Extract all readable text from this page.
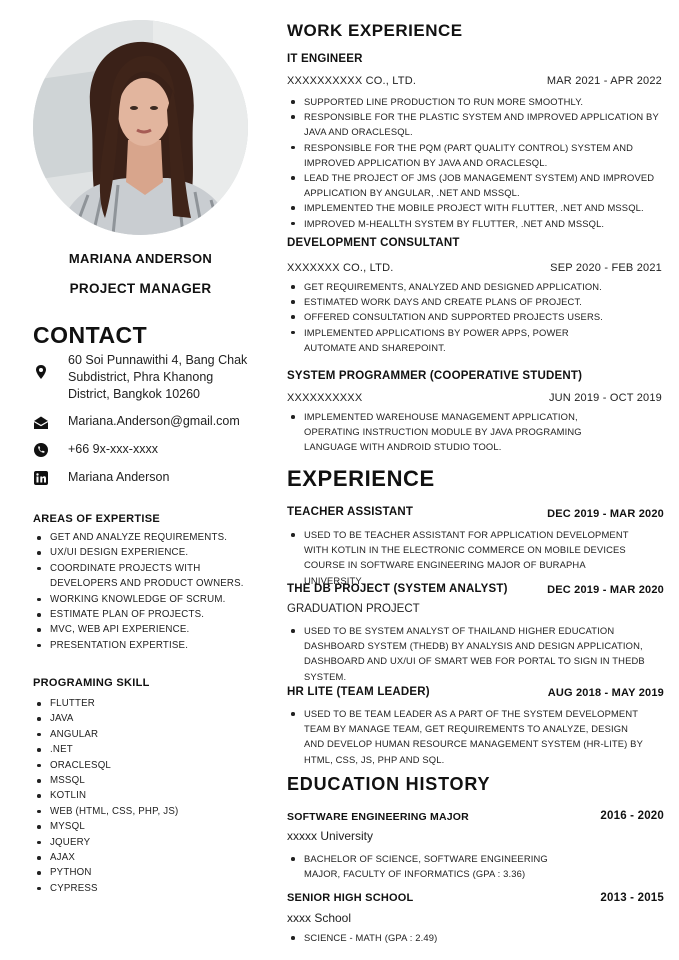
MARIANA ANDERSON
PROJECT MANAGER
CONTACT
60 Soi Punnawithi 4, Bang Chak
Subdistrict, Phra Khanong
District, Bangkok 10260
Mariana.Anderson@gmail.com
+66 9x-xxx-xxxx
Mariana Anderson
AREAS OF EXPERTISE
GET AND ANALYZE REQUIREMENTS.
UX/UI DESIGN EXPERIENCE.
COORDINATE PROJECTS WITH
DEVELOPERS AND PRODUCT OWNERS.
WORKING KNOWLEDGE OF SCRUM.
ESTIMATE PLAN OF PROJECTS.
MVC, WEB API EXPERIENCE.
PRESENTATION EXPERTISE.
PROGRAMING SKILL
FLUTTER
JAVA
ANGULAR
.NET
ORACLESQL
MSSQL
KOTLIN
WEB (HTML, CSS, PHP, JS)
MYSQL
JQUERY
AJAX
PYTHON
CYPRESS
WORK EXPERIENCE
IT ENGINEER
XXXXXXXXXX CO., LTD.	MAR 2021 - APR 2022
SUPPORTED LINE PRODUCTION TO RUN MORE SMOOTHLY.
RESPONSIBLE FOR THE PLASTIC SYSTEM AND IMPROVED APPLICATION BY JAVA AND ORACLESQL.
RESPONSIBLE FOR THE PQM (PART QUALITY CONTROL) SYSTEM AND IMPROVED APPLICATION BY JAVA AND ORACLESQL.
LEAD THE PROJECT OF JMS (JOB MANAGEMENT SYSTEM) AND IMPROVED APPLICATION BY ANGULAR, .NET AND MSSQL.
IMPLEMENTED THE MOBILE PROJECT WITH FLUTTER, .NET AND MSSQL.
IMPROVED M-HEALLTH SYSTEM BY FLUTTER, .NET AND MSSQL.
DEVELOPMENT CONSULTANT
XXXXXXX CO., LTD.	SEP 2020 - FEB 2021
GET REQUIREMENTS, ANALYZED AND DESIGNED APPLICATION.
ESTIMATED WORK DAYS AND CREATE PLANS OF PROJECT.
OFFERED CONSULTATION AND SUPPORTED PROJECTS USERS.
IMPLEMENTED APPLICATIONS BY POWER APPS, POWER AUTOMATE AND SHAREPOINT.
SYSTEM PROGRAMMER (COOPERATIVE STUDENT)
XXXXXXXXXX	JUN 2019 - OCT 2019
IMPLEMENTED WAREHOUSE MANAGEMENT APPLICATION, OPERATING INSTRUCTION MODULE BY JAVA PROGRAMING LANGUAGE WITH ANDROID STUDIO TOOL.
EXPERIENCE
TEACHER ASSISTANT	DEC 2019 - MAR 2020
USED TO BE TEACHER ASSISTANT FOR APPLICATION DEVELOPMENT WITH KOTLIN IN THE ELECTRONIC COMMERCE ON MOBILE DEVICES COURSE IN SOFTWARE ENGINEERING MAJOR OF BURAPHA UNIVERSITY.
THE DB PROJECT (SYSTEM ANALYST)	DEC 2019 - MAR 2020
GRADUATION PROJECT
USED TO BE SYSTEM ANALYST OF THAILAND HIGHER EDUCATION DASHBOARD SYSTEM (THEDB) BY ANALYSIS AND DESIGN APPLICATION, DASHBOARD AND UX/UI OF SMART WEB FOR PORTAL TO SIGN IN THEDB SYSTEM.
HR LITE (TEAM LEADER)	AUG 2018 - MAY 2019
USED TO BE TEAM LEADER AS A PART OF THE SYSTEM DEVELOPMENT TEAM BY MANAGE TEAM, GET REQUIREMENTS TO ANALYZE, DESIGN AND DEVELOP HUMAN RESOURCE MANAGEMENT SYSTEM (HR-LITE) BY HTML, CSS, JS, PHP AND SQL.
EDUCATION HISTORY
SOFTWARE ENGINEERING MAJOR	2016 - 2020
xxxxx University
BACHELOR OF SCIENCE, SOFTWARE ENGINEERING MAJOR, FACULTY OF INFORMATICS (GPA : 3.36)
SENIOR HIGH SCHOOL	2013 - 2015
xxxx School
SCIENCE - MATH (GPA : 2.49)
